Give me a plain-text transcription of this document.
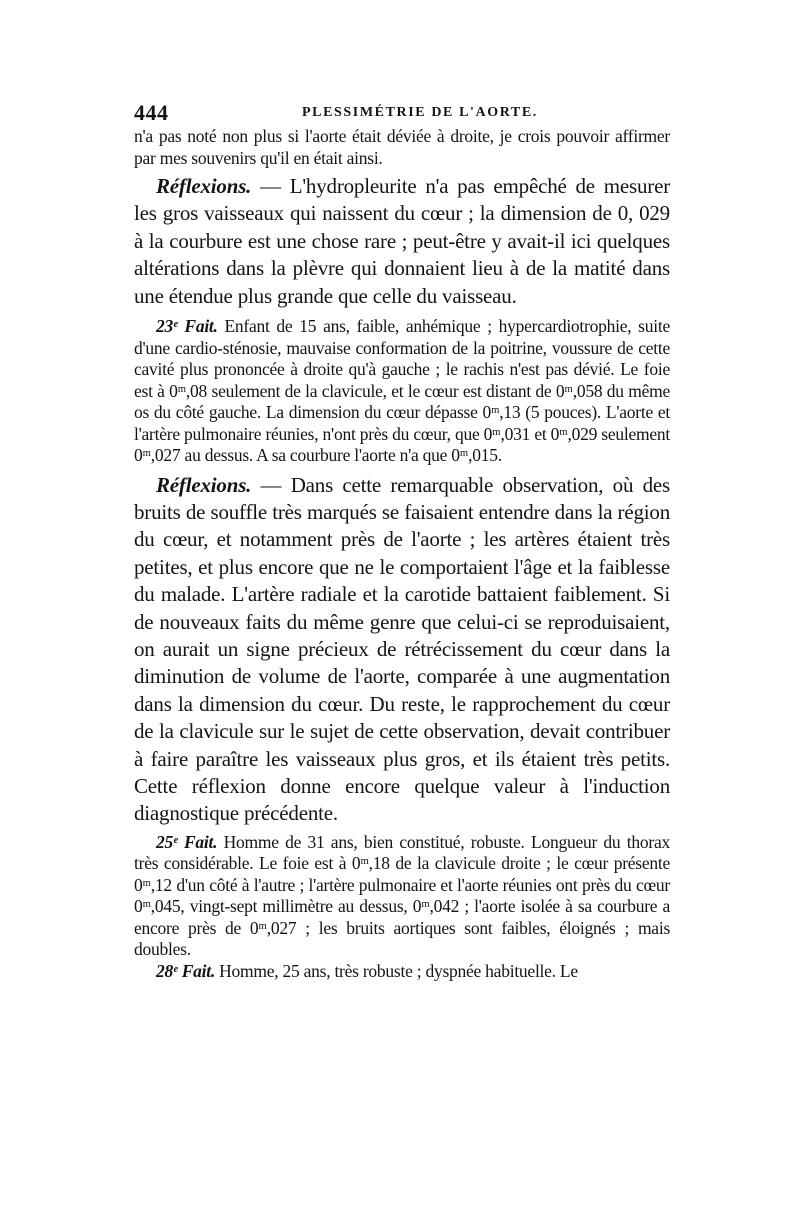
444	PLESSIMÉTRIE DE L'AORTE.

n'a pas noté non plus si l'aorte était déviée à droite, je crois pouvoir affirmer par mes souvenirs qu'il en était ainsi.

Réflexions. — L'hydropleurite n'a pas empêché de mesurer les gros vaisseaux qui naissent du cœur ; la dimension de 0, 029 à la courbure est une chose rare ; peut-être y avait-il ici quelques altérations dans la plèvre qui donnaient lieu à de la matité dans une étendue plus grande que celle du vaisseau.

23ᵉ Fait. Enfant de 15 ans, faible, anhémique ; hypercardiotrophie, suite d'une cardio-sténosie, mauvaise conformation de la poitrine, voussure de cette cavité plus prononcée à droite qu'à gauche ; le rachis n'est pas dévié. Le foie est à 0ᵐ,08 seulement de la clavicule, et le cœur est distant de 0ᵐ,058 du même os du côté gauche. La dimension du cœur dépasse 0ᵐ,13 (5 pouces). L'aorte et l'artère pulmonaire réunies, n'ont près du cœur, que 0ᵐ,031 et 0ᵐ,029 seulement 0ᵐ,027 au dessus. A sa courbure l'aorte n'a que 0ᵐ,015.

Réflexions. — Dans cette remarquable observation, où des bruits de souffle très marqués se faisaient entendre dans la région du cœur, et notamment près de l'aorte ; les artères étaient très petites, et plus encore que ne le comportaient l'âge et la faiblesse du malade. L'artère radiale et la carotide battaient faiblement. Si de nouveaux faits du même genre que celui-ci se reproduisaient, on aurait un signe précieux de rétrécissement du cœur dans la diminution de volume de l'aorte, comparée à une augmentation dans la dimension du cœur. Du reste, le rapprochement du cœur de la clavicule sur le sujet de cette observation, devait contribuer à faire paraître les vaisseaux plus gros, et ils étaient très petits. Cette réflexion donne encore quelque valeur à l'induction diagnostique précédente.

25ᵉ Fait. Homme de 31 ans, bien constitué, robuste. Longueur du thorax très considérable. Le foie est à 0ᵐ,18 de la clavicule droite ; le cœur présente 0ᵐ,12 d'un côté à l'autre ; l'artère pulmonaire et l'aorte réunies ont près du cœur 0ᵐ,045, vingt-sept millimètre au dessus, 0ᵐ,042 ; l'aorte isolée à sa courbure a encore près de 0ᵐ,027 ; les bruits aortiques sont faibles, éloignés ; mais doubles.

28ᵉ Fait. Homme, 25 ans, très robuste ; dyspnée habituelle. Le
